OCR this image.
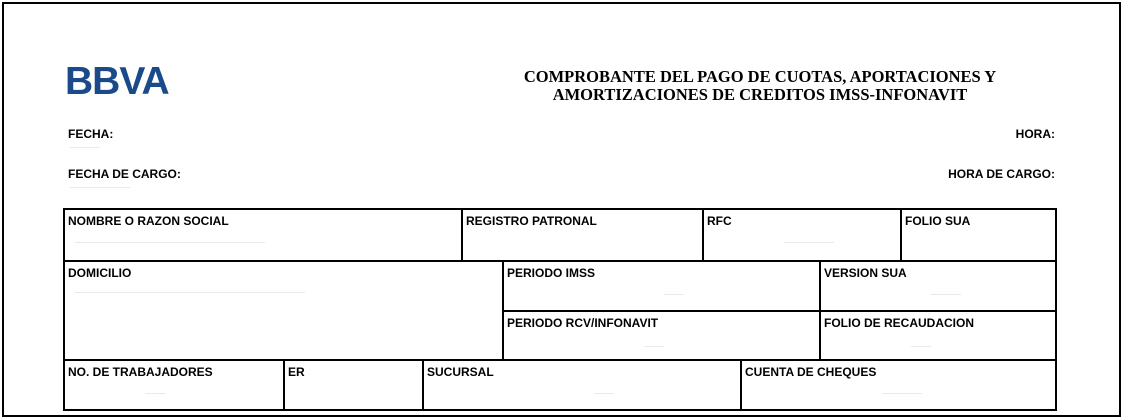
BBVA	COMPROBANTE DEL PAGO DE CUOTAS, APORTACIONES Y
AMORTIZACIONES DE CREDITOS IMSS-INFONAVIT
FECHA:	HORA:
FECHA DE CARGO:	HORA DE CARGO:
NOMBRE O RAZON SOCIAL	REGISTRO PATRONAL	RFC	FOLIO SUA
DOMICILIO	PERIODO IMSS	VERSION SUA
PERIODO RCV/INFONAVIT	FOLIO DE RECAUDACION
NO. DE TRABAJADORES	ER	SUCURSAL	CUENTA DE CHEQUES
